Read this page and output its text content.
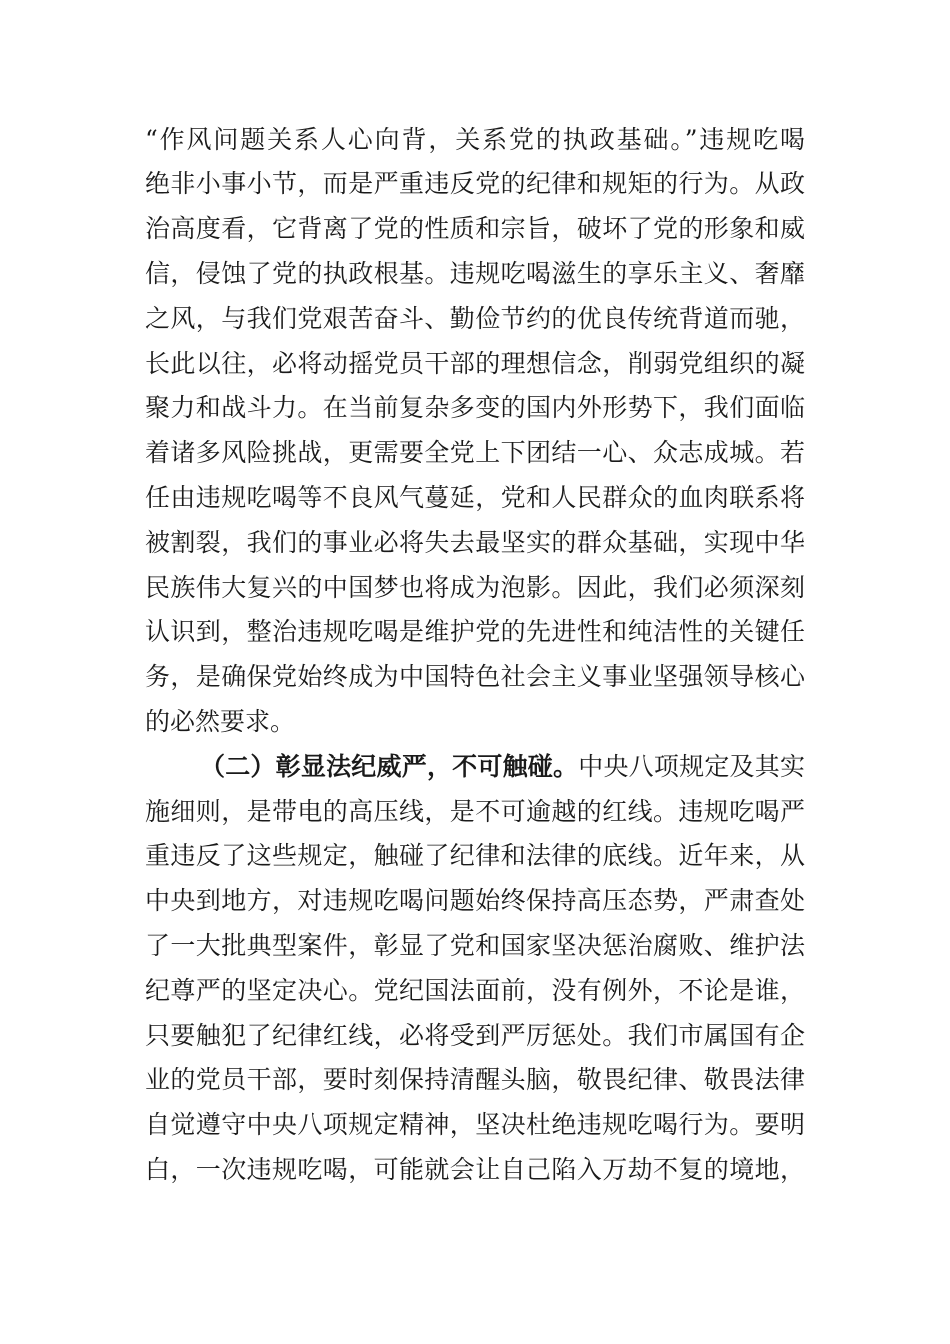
“作风问题关系人心向背，关系党的执政基础。”违规吃喝
绝非小事小节，而是严重违反党的纪律和规矩的行为。从政
治高度看，它背离了党的性质和宗旨，破坏了党的形象和威
信，侵蚀了党的执政根基。违规吃喝滋生的享乐主义、奢靡
之风，与我们党艰苦奋斗、勤俭节约的优良传统背道而驰，
长此以往，必将动摇党员干部的理想信念，削弱党组织的凝
聚力和战斗力。在当前复杂多变的国内外形势下，我们面临
着诸多风险挑战，更需要全党上下团结一心、众志成城。若
任由违规吃喝等不良风气蔓延，党和人民群众的血肉联系将
被割裂，我们的事业必将失去最坚实的群众基础，实现中华
民族伟大复兴的中国梦也将成为泡影。因此，我们必须深刻
认识到，整治违规吃喝是维护党的先进性和纯洁性的关键任
务，是确保党始终成为中国特色社会主义事业坚强领导核心
的必然要求。
（二）彰显法纪威严，不可触碰。中央八项规定及其实
施细则，是带电的高压线，是不可逾越的红线。违规吃喝严
重违反了这些规定，触碰了纪律和法律的底线。近年来，从
中央到地方，对违规吃喝问题始终保持高压态势，严肃查处
了一大批典型案件，彰显了党和国家坚决惩治腐败、维护法
纪尊严的坚定决心。党纪国法面前，没有例外，不论是谁，
只要触犯了纪律红线，必将受到严厉惩处。我们市属国有企
业的党员干部，要时刻保持清醒头脑，敬畏纪律、敬畏法律
自觉遵守中央八项规定精神，坚决杜绝违规吃喝行为。要明
白，一次违规吃喝，可能就会让自己陷入万劫不复的境地，
